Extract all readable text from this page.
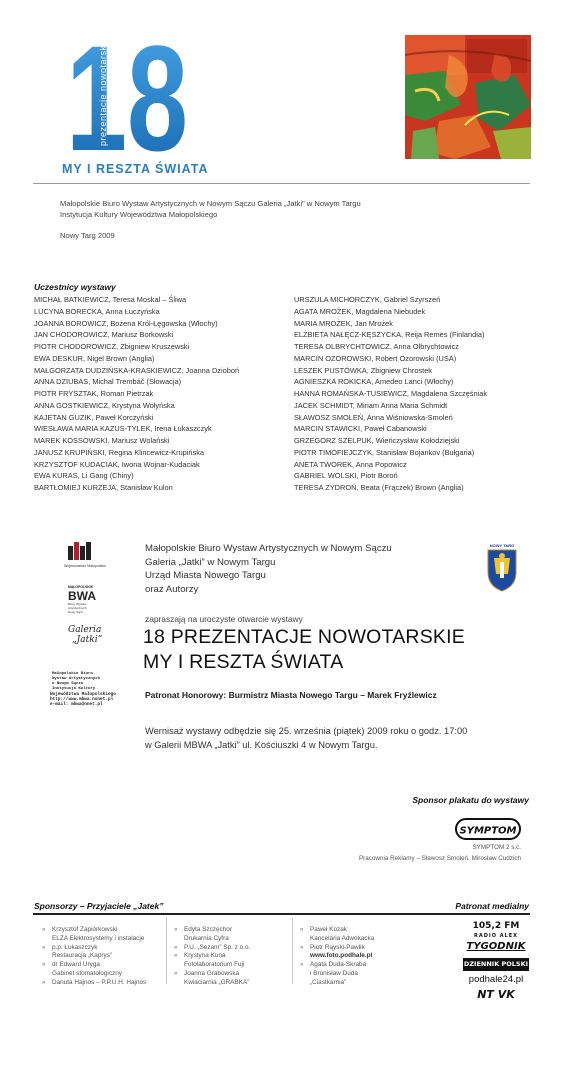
18
prezentacje nowotarskie
MY I RESZTA ŚWIATA
Małopolskie Biuro Wystaw Artystycznych w Nowym Sączu Galeria „Jatki” w Nowym Targu
Instytucja Kultury Województwa Małopolskiego
Nowy Targ 2009
Uczestnicy wystawy
MICHAŁ BATKIEWICZ, Teresa Moskal – Śliwa
LUCYNA BORECKA, Anna Łuczyńska
JOANNA BOROWICZ, Bożena Król-Łęgowska (Włochy)
JAN CHODOROWICZ, Mariusz Borkowski
PIOTR CHODOROWICZ, Zbigniew Kruszewski
EWA DESKUR, Nigel Brown (Anglia)
MAŁGORZATA DUDZIŃSKA-KRASKIEWICZ, Joanna Dzioboń
ANNA DZIUBAS, Michal Trembáč (Słowacja)
PIOTR FRYSZTAK, Roman Pietrzak
ANNA GOSTKIEWICZ, Krystyna Wołyńska
KAJETAN GUZIK, Paweł Korczyński
WIESŁAWA MARIA KAZUS-TYLEK, Irena Łukaszczyk
MAREK KOSSOWSKI, Mariusz Wolański
JANUSZ KRUPIŃSKI, Regina Klincewicz-Krupińska
KRZYSZTOF KUDACIAK, Iwona Wojnar-Kudaciak
EWA KURAS, Li Gang (Chiny)
BARTŁOMIEJ KURZEJA, Stanisław Kulon
URSZULA MICHORCZYK, Gabriel Szyrszeń
AGATA MROŻEK, Magdalena Niebudek
MARIA MROŻEK, Jan Mrożek
ELŻBIETA NAŁĘCZ-KĘSZYCKA, Reija Remes (Finlandia)
TERESA OLBRYCHTOWICZ, Anna Olbrychtowicz
MARCIN OZOROWSKI, Robert Ozorowski (USA)
LESZEK PUSTÓWKA, Zbigniew Chrostek
AGNIESZKA ROKICKA, Amedeo Lanci (Włochy)
HANNA ROMAŃSKA-TUSIEWICZ, Magdalena Szczęśniak
JACEK SCHMIDT, Miriam Anna Maria Schmidt
SŁAWOSZ SMOLEŃ, Anna Wiśniowska-Smoleń
MARCIN STAWICKI, Paweł Cabanowski
GRZEGORZ SZELPUK, Wieńczysław Kołodziejski
PIOTR TIMOFIEJCZYK, Stanisław Bojankov (Bułgaria)
ANETA TWOREK, Anna Popowicz
GABRIEL WOLSKI, Piotr Boroń
TERESA ZYDROŃ, Beata (Frączek) Brown (Anglia)
Województwo Małopolskie
MAŁOPOLSKIE
BWA
Biuro Wystaw
Artystycznych
Nowy Sącz
Galeria
„Jatki”
Małopolskie Biuro
Wystaw Artystycznych
w Nowym Sączu
Instytucja Kultury
Województwa Małopolskiego
http://www.mbwa.nsnet.pl
e-mail: mbwa@nnet.pl
NOWY TARG
Małopolskie Biuro Wystaw Artystycznych w Nowym Sączu
Galeria „Jatki” w Nowym Targu
Urząd Miasta Nowego Targu
oraz Autorzy
zapraszają na uroczyste otwarcie wystawy
18 PREZENTACJE NOWOTARSKIE
MY I RESZTA ŚWIATA
Patronat Honorowy: Burmistrz Miasta Nowego Targu – Marek Fryźlewicz
Wernisaż wystawy odbędzie się 25. września (piątek) 2009 roku o godz. 17:00
w Galerii MBWA „Jatki” ul. Kościuszki 4 w Nowym Targu.
Sponsor plakatu do wystawy
SYMPTOM
SYMPTOM 2 s.c.
Pracownia Reklamy – Sławosz Smoleń, Mirosław Cudzich
Sponsorzy – Przyjaciele „Jatek”	Patronat medialny
» Krzysztof Zapiórkowski
ELZA Elektrosystemy i instalacje
» p.p. Łukaszczyk
Restauracja „Kaprys”
» dr Edward Uryga
Gabinet stomatologiczny
» Danuta Hajnos – P.P.U.H. Hajnos
» Edyta Szczęchor
Drukarnia Cyfra
» P.U. „Sezam” Sp. z o.o.
» Krystyna Kuna
Fotolaboratorium Fuji
» Joanna Grabowska
Kwiaciarnia „GRABKA”
» Paweł Kozak
Kancelaria Adwokacka
» Piotr Rąyski-Pawlik
www.foto.podhale.pl
» Agata Duda-Skraba
i Bronisław Duda
„Ciastkarnia”
105,2 FM
RADIO ALEX
TYGODNIK
DZIENNIK POLSKI
podhale24.pl
NT VK
